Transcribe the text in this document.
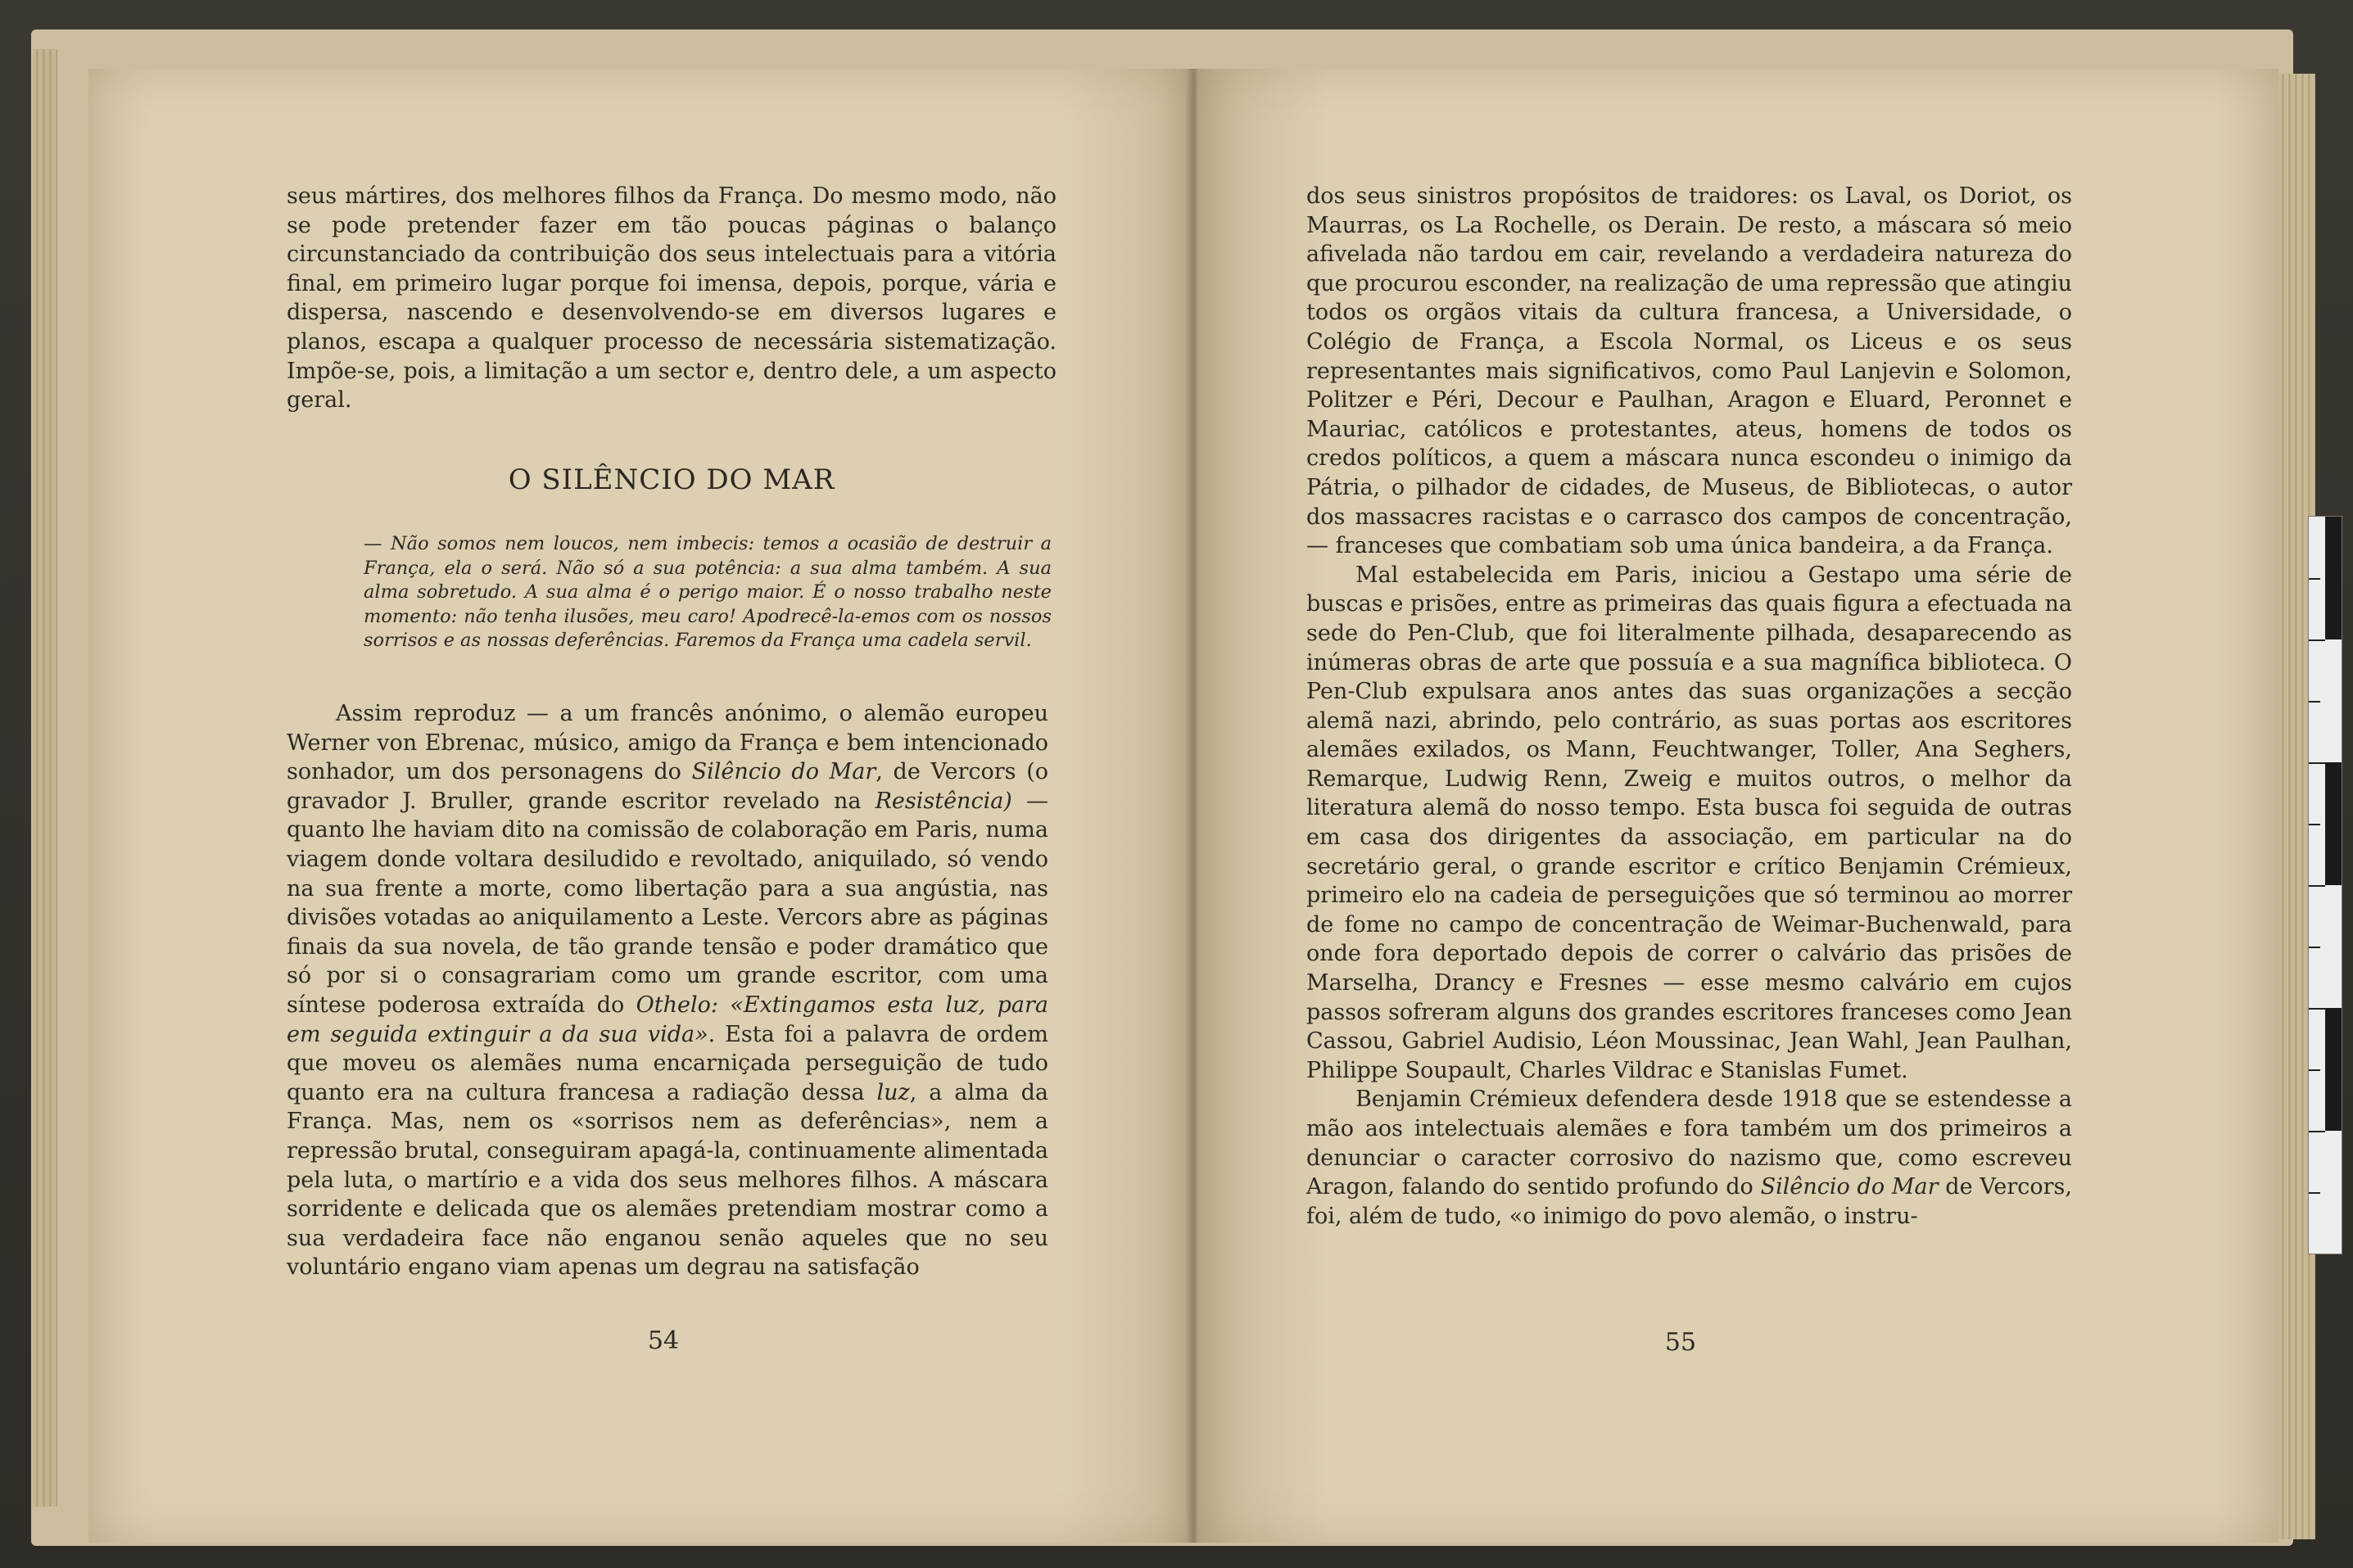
seus mártires, dos melhores filhos da França. Do mesmo modo, não se pode pretender fazer em tão poucas páginas o balanço circunstanciado da contribuição dos seus intelectuais para a vitória final, em primeiro lugar porque foi imensa, depois, porque, vária e dispersa, nascendo e desenvolvendo-se em diversos lugares e planos, escapa a qualquer processo de necessária sistematização. Impõe-se, pois, a limitação a um sector e, dentro dele, a um aspecto geral.

O SILÊNCIO DO MAR

— Não somos nem loucos, nem imbecis: temos a ocasião de destruir a França, ela o será. Não só a sua potência: a sua alma também. A sua alma sobretudo. A sua alma é o perigo maior. É o nosso trabalho neste momento: não tenha ilusões, meu caro! Apodrecê-la-emos com os nossos sorrisos e as nossas deferências. Faremos da França uma cadela servil.

Assim reproduz — a um francês anónimo, o alemão europeu Werner von Ebrenac, músico, amigo da França e bem intencionado sonhador, um dos personagens do Silêncio do Mar, de Vercors (o gravador J. Bruller, grande escritor revelado na Resistência) — quanto lhe haviam dito na comissão de colaboração em Paris, numa viagem donde voltara desiludido e revoltado, aniquilado, só vendo na sua frente a morte, como libertação para a sua angústia, nas divisões votadas ao aniquilamento a Leste. Vercors abre as páginas finais da sua novela, de tão grande tensão e poder dramático que só por si o consagrariam como um grande escritor, com uma síntese poderosa extraída do Othelo: «Extingamos esta luz, para em seguida extinguir a da sua vida». Esta foi a palavra de ordem que moveu os alemães numa encarniçada perseguição de tudo quanto era na cultura francesa a radiação dessa luz, a alma da França. Mas, nem os «sorrisos nem as deferências», nem a repressão brutal, conseguiram apagá-la, continuamente alimentada pela luta, o martírio e a vida dos seus melhores filhos. A máscara sorridente e delicada que os alemães pretendiam mostrar como a sua verdadeira face não enganou senão aqueles que no seu voluntário engano viam apenas um degrau na satisfação

54

dos seus sinistros propósitos de traidores: os Laval, os Doriot, os Maurras, os La Rochelle, os Derain. De resto, a máscara só meio afivelada não tardou em cair, revelando a verdadeira natureza do que procurou esconder, na realização de uma repressão que atingiu todos os orgãos vitais da cultura francesa, a Universidade, o Colégio de França, a Escola Normal, os Liceus e os seus representantes mais significativos, como Paul Lanjevin e Solomon, Politzer e Péri, Decour e Paulhan, Aragon e Eluard, Peronnet e Mauriac, católicos e protestantes, ateus, homens de todos os credos políticos, a quem a máscara nunca escondeu o inimigo da Pátria, o pilhador de cidades, de Museus, de Bibliotecas, o autor dos massacres racistas e o carrasco dos campos de concentração, — franceses que combatiam sob uma única bandeira, a da França.

Mal estabelecida em Paris, iniciou a Gestapo uma série de buscas e prisões, entre as primeiras das quais figura a efectuada na sede do Pen-Club, que foi literalmente pilhada, desaparecendo as inúmeras obras de arte que possuía e a sua magnífica biblioteca. O Pen-Club expulsara anos antes das suas organizações a secção alemã nazi, abrindo, pelo contrário, as suas portas aos escritores alemães exilados, os Mann, Feuchtwanger, Toller, Ana Seghers, Remarque, Ludwig Renn, Zweig e muitos outros, o melhor da literatura alemã do nosso tempo. Esta busca foi seguida de outras em casa dos dirigentes da associação, em particular na do secretário geral, o grande escritor e crítico Benjamin Crémieux, primeiro elo na cadeia de perseguições que só terminou ao morrer de fome no campo de concentração de Weimar-Buchenwald, para onde fora deportado depois de correr o calvário das prisões de Marselha, Drancy e Fresnes — esse mesmo calvário em cujos passos sofreram alguns dos grandes escritores franceses como Jean Cassou, Gabriel Audisio, Léon Moussinac, Jean Wahl, Jean Paulhan, Philippe Soupault, Charles Vildrac e Stanislas Fumet.

Benjamin Crémieux defendera desde 1918 que se estendesse a mão aos intelectuais alemães e fora também um dos primeiros a denunciar o caracter corrosivo do nazismo que, como escreveu Aragon, falando do sentido profundo do Silêncio do Mar de Vercors, foi, além de tudo, «o inimigo do povo alemão, o instru-

55
